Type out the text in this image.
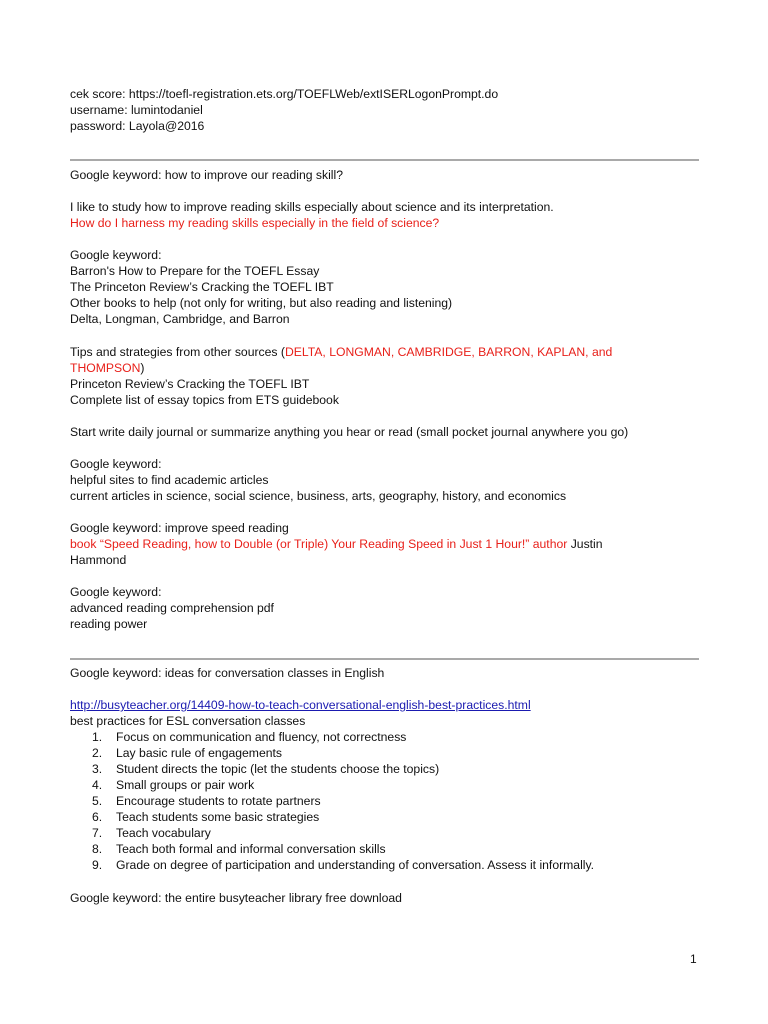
cek score: https://toefl-registration.ets.org/TOEFLWeb/extISERLogonPrompt.do
username: lumintodaniel
password: Layola@2016
Google keyword: how to improve our reading skill?
I like to study how to improve reading skills especially about science and its interpretation.
How do I harness my reading skills especially in the field of science?
Google keyword:
Barron's How to Prepare for the TOEFL Essay
The Princeton Review’s Cracking the TOEFL IBT
Other books to help (not only for writing, but also reading and listening)
Delta, Longman, Cambridge, and Barron
Tips and strategies from other sources (DELTA, LONGMAN, CAMBRIDGE, BARRON, KAPLAN, and
THOMPSON)
Princeton Review’s Cracking the TOEFL IBT
Complete list of essay topics from ETS guidebook
Start write daily journal or summarize anything you hear or read (small pocket journal anywhere you go)
Google keyword:
helpful sites to find academic articles
current articles in science, social science, business, arts, geography, history, and economics
Google keyword: improve speed reading
book “Speed Reading, how to Double (or Triple) Your Reading Speed in Just 1 Hour!” author Justin
Hammond
Google keyword:
advanced reading comprehension pdf
reading power
Google keyword: ideas for conversation classes in English
http://busyteacher.org/14409-how-to-teach-conversational-english-best-practices.html
best practices for ESL conversation classes
1. Focus on communication and fluency, not correctness
2. Lay basic rule of engagements
3. Student directs the topic (let the students choose the topics)
4. Small groups or pair work
5. Encourage students to rotate partners
6. Teach students some basic strategies
7. Teach vocabulary
8. Teach both formal and informal conversation skills
9. Grade on degree of participation and understanding of conversation. Assess it informally.
Google keyword: the entire busyteacher library free download
1
